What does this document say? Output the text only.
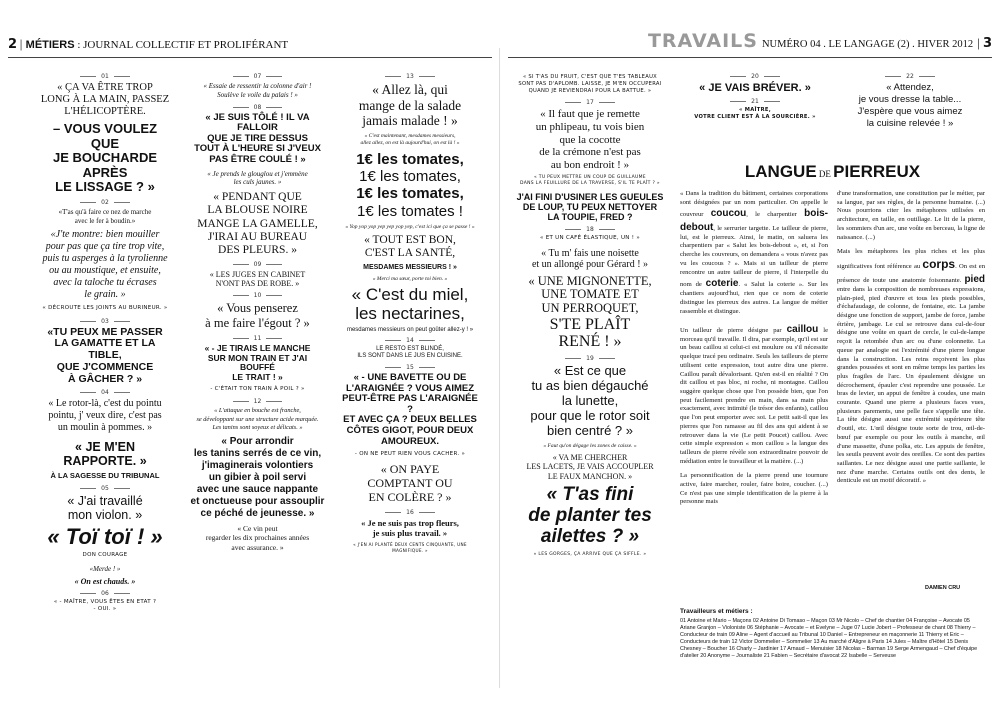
2 | MÉTIERS : JOURNAL COLLECTIF ET PROLIFÉRANT	TRAVAILS NUMÉRO 04 . LE LANGAGE (2) . HIVER 2012 | 3
01
« ÇA VA ÊTRE TROP
LONG À LA MAIN, PASSEZ
L'HÉLICOPTÈRE.
– VOUS VOULEZ QUE
JE BOUCHARDE APRÈS
LE LISSAGE ? »
02
«T'as qu'à faire ce nez de marche
avec le fer à boudin.»
«J'te montre: bien mouiller
pour pas que ça tire trop vite,
puis tu asperges à la tyrolienne
ou au moustique, et ensuite,
avec la taloche tu écrases
le grain. »
« DÉCROUTE LES JOINTS AU BURINEUR. »
03
«TU PEUX ME PASSER
LA GAMATTE ET LA TIBLE,
QUE J'COMMENCE
À GÂCHER ? »
04
« Le rotor-là, c'est du pointu
pointu, j' veux dire, c'est pas
un moulin à pommes. »
« JE M'EN RAPPORTE. »
À LA SAGESSE DU TRIBUNAL
05
« J'ai travaillé
mon violon. »
« Toï toï ! »
DON COURAGE
«Merde ! »
« On est chauds. »
06
« - MAÎTRE, VOUS ÊTES EN ETAT ?
- OUI. »
07
« Essaie de ressentir la colonne d'air !
Soulève le voile du palais ! »
08
« JE SUIS TÔLÉ ! IL VA FALLOIR
QUE JE TIRE DESSUS
TOUT À L'HEURE SI J'VEUX
PAS ÊTRE COULÉ ! »
« Je prends le glouglou et j'emmène
les culs jaunes. »
« PENDANT QUE
LA BLOUSE NOIRE
MANGE LA GAMELLE,
J'IRAI AU BUREAU
DES PLEURS. »
09
« LES JUGES EN CABINET
N'ONT PAS DE ROBE. »
10
« Vous penserez
à me faire l'égout ? »
11
« - JE TIRAIS LE MANCHE
SUR MON TRAIN ET J'AI BOUFFÉ
LE TRAIT ! »
- C'ÉTAIT TON TRAIN À POIL ? »
12
« L'attaque en bouche est franche,
se développant sur une structure acide marquée.
Les tanins sont soyeux et délicats. »
« Pour arrondir
les tanins serrés de ce vin,
j'imaginerais volontiers
un gibier à poil servi
avec une sauce nappante
et onctueuse pour assouplir
ce péché de jeunesse. »
« Ce vin peut
regarder les dix prochaines années
avec assurance. »
13
« Allez là, qui
mange de la salade
jamais malade ! »
« C'est maintenant, mesdames messieurs,
allez allez, on est là aujourd'hui, on est là ! »
1€ les tomates,
1€ les tomates,
1€ les tomates,
1€ les tomates !
« Yop yop yop yep yep yop yep, c'est ici que ça se passe ! »
« TOUT EST BON,
C'EST LA SANTÉ,
MESDAMES MESSIEURS ! »
« Merci ma sœur, porte toi bien. »
« C'est du miel,
les nectarines,
mesdames messieurs on peut goûter allez-y ! »
14
LE RESTO EST BLINDÉ,
ILS SONT DANS LE JUS EN CUISINE.
15
« - UNE BAVETTE OU DE
L'ARAIGNÉE ? VOUS AIMEZ
PEUT-ÊTRE PAS L'ARAIGNÉE ?
ET AVEC ÇA ? DEUX BELLES
CÔTES GIGOT, POUR DEUX
AMOUREUX.
- ON NE PEUT RIEN VOUS CACHER. »
« ON PAYE
COMPTANT OU
EN COLÈRE ? »
16
« Je ne suis pas trop fleurs,
je suis plus travail. »
« J'EN AI PLANTÉ DEUX CENTS CINQUANTE, UNE MAGNIFIQUE. »
« SI T'AS DU FRUIT, C'EST QUE T'ES TABLEAUX
SONT PAS D'APLOMB. LAISSE, JE M'EN OCCUPERAI
QUAND JE REVIENDRAI POUR LA BATTUE. »
17
« Il faut que je remette
un phlipeau, tu vois bien
que la cocotte
de la crémone n'est pas
au bon endroit ! »
« TU PEUX METTRE UN COUP DE GUILLAUME
DANS LA FEUILLURE DE LA TRAVERSE, S'IL TE PLAÎT ? »
J'AI FINI D'USINER LES GUEULES
DE LOUP, TU PEUX NETTOYER
LA TOUPIE, FRED ?
18
« ET UN CAFÉ ÉLASTIQUE, UN ! »
« Tu m' fais une noisette
et un allongé pour Gérard ! »
« UNE MIGNONETTE,
UNE TOMATE ET
UN PERROQUET,
S'TE PLAÎT
RENÉ ! »
19
« Est ce que
tu as bien dégauché
la lunette,
pour que le rotor soit
bien centré ? »
« Faut qu'on dégage les zones de caisse. »
« VA ME CHERCHER
LES LACETS, JE VAIS ACCOUPLER
LE FAUX MANCHON. »
« T'as fini
de planter tes
ailettes ? »
« LES GORGES, ÇA ARRIVE QUE ÇA SIFFLE. »
20
« JE VAIS BRÉVER. »
21
« MAÎTRE,
VOTRE CLIENT EST À LA SOURCIÈRE. »
22
« Attendez,
je vous dresse la table...
J'espère que vous aimez
la cuisine relevée ! »
LANGUE DE PIERREUX

« Dans la tradition du bâtiment, certaines corporations sont désignées par un nom particulier. On appelle le couvreur coucou, le charpentier bois-debout, le serrurier targette. Le tailleur de pierre, lui, est le pierreux. Ainsi, le matin, on saluera les charpentiers par « Salut les bois-debout », et, si l'on cherche les couvreurs, on demandera « vous n'avez pas vu les coucous ? ». Mais si un tailleur de pierre rencontre un autre tailleur de pierre, il l'interpelle du nom de coterie. « Salut la coterie ». Sur les chantiers aujourd'hui, rien que ce nom de coterie distingue les pierreux des autres. La langue de métier rassemble et distingue.

Un tailleur de pierre désigne par caillou le morceau qu'il travaille. Il dira, par exemple, qu'il est sur un beau caillou si celui-ci est moulure ou s'il nécessite quelque tracé peu ordinaire. Seuls les tailleurs de pierre utilisent cette expression, tout autre dira une pierre. Caillou paraît dévalorisant. Qu'en est-il en réalité ? On dit caillou et pas bloc, ni roche, ni montagne. Caillou suggère quelque chose que l'on possède bien, que l'on peut facilement prendre en main, dans sa main plus exactement, avec intimité (le trésor des enfants), caillou que l'on peut emporter avec soi. Le petit sait-il que les pierres que l'on ramasse au fil des ans qui aident à se retrouver dans la vie (Le petit Poucet) caillou. Avec cette simple expression « mon caillou » la langue des tailleurs de pierre révèle son extraordinaire pouvoir de médiation entre le travailleur et la matière. (...)

La personnification de la pierre prend une tournure active, faire marcher, rouler, faire boire, coucher. (...) Ce n'est pas une simple identification de la pierre à la personne mais

d'une transformation, une constitution par le métier, par sa langue, par ses règles, de la personne humaine. (...) Nous pourrions citer les métaphores utilisées en architecture, en taille, en outillage. Le lit de la pierre, les sommiers d'un arc, une voûte en berceau, la ligne de naissance. (...)

Mais les métaphores les plus riches et les plus significatives font référence au corps. On est en présence de toute une anatomie foisonnante. pied entre dans la composition de nombreuses expressions, plain-pied, pied d'œuvre et tous les pieds possibles, d'échafaudage, de colonne, de fontaine, etc. La jambe désigne une fonction de support, jambe de force, jambe étrière, jambage. Le cul se retrouve dans cul-de-four désigne une voûte en quart de cercle, le cul-de-lampe reçoit la retombée d'un arc ou d'une colonnette. La queue par analogie est l'extrémité d'une pierre longue dans la construction. Les reins reçoivent les plus grandes poussées et sont en même temps les parties les plus fragiles de l'arc. Un épaulement désigne un décrochement, épauler c'est reprendre une poussée. Le bras de levier, un appui de fenêtre à coudes, une main courante. Quand une pierre a plusieurs faces vues, plusieurs parements, une pelle face s'appelle une tête. La tête désigne aussi une extrémité supérieure tête d'outil, etc. L'œil désigne toute sorte de trou, œil-de-bœuf par exemple ou pour les outils à manche, œil d'une massette, d'une polka, etc. Les appuis de fenêtre, les seuils peuvent avoir des oreilles. Ce sont des parties saillantes. Le nez désigne aussi une partie saillante, le nez d'une marche. Certains outils ont des dents, le denticule est un motif décoratif. »

DAMIEN CRU
Travailleurs et métiers :
01 Antoine et Mario – Maçons 02 Antoine Di Tomaso – Maçon 03 Mr Nicolo – Chef de chantier 04 Françoise – Avocate 05 Ariane Granjon – Violoniste 06 Stéphanie – Avocate – et Evelyne – Juge 07 Lucie Jobert – Professeur de chant 08 Thierry – Conducteur de train 09 Aline – Agent d'accueil au Tribunal 10 Daniel – Entrepreneur en maçonnerie 11 Thierry et Eric – Conducteurs de train 12 Victor Dommelier – Sommelier 13 Au marché d'Aligre à Paris 14 Jules – Maître d'Hôtel 15 Denis Chesney – Boucher 16 Charly – Jardinier 17 Arnaud – Menuisier 18 Nicolas – Barman 19 Serge Armengaud – Chef d'équipe d'atelier 20 Anonyme – Journaliste 21 Fabien – Secrétaire d'avocat 22 Isabelle – Serveuse
